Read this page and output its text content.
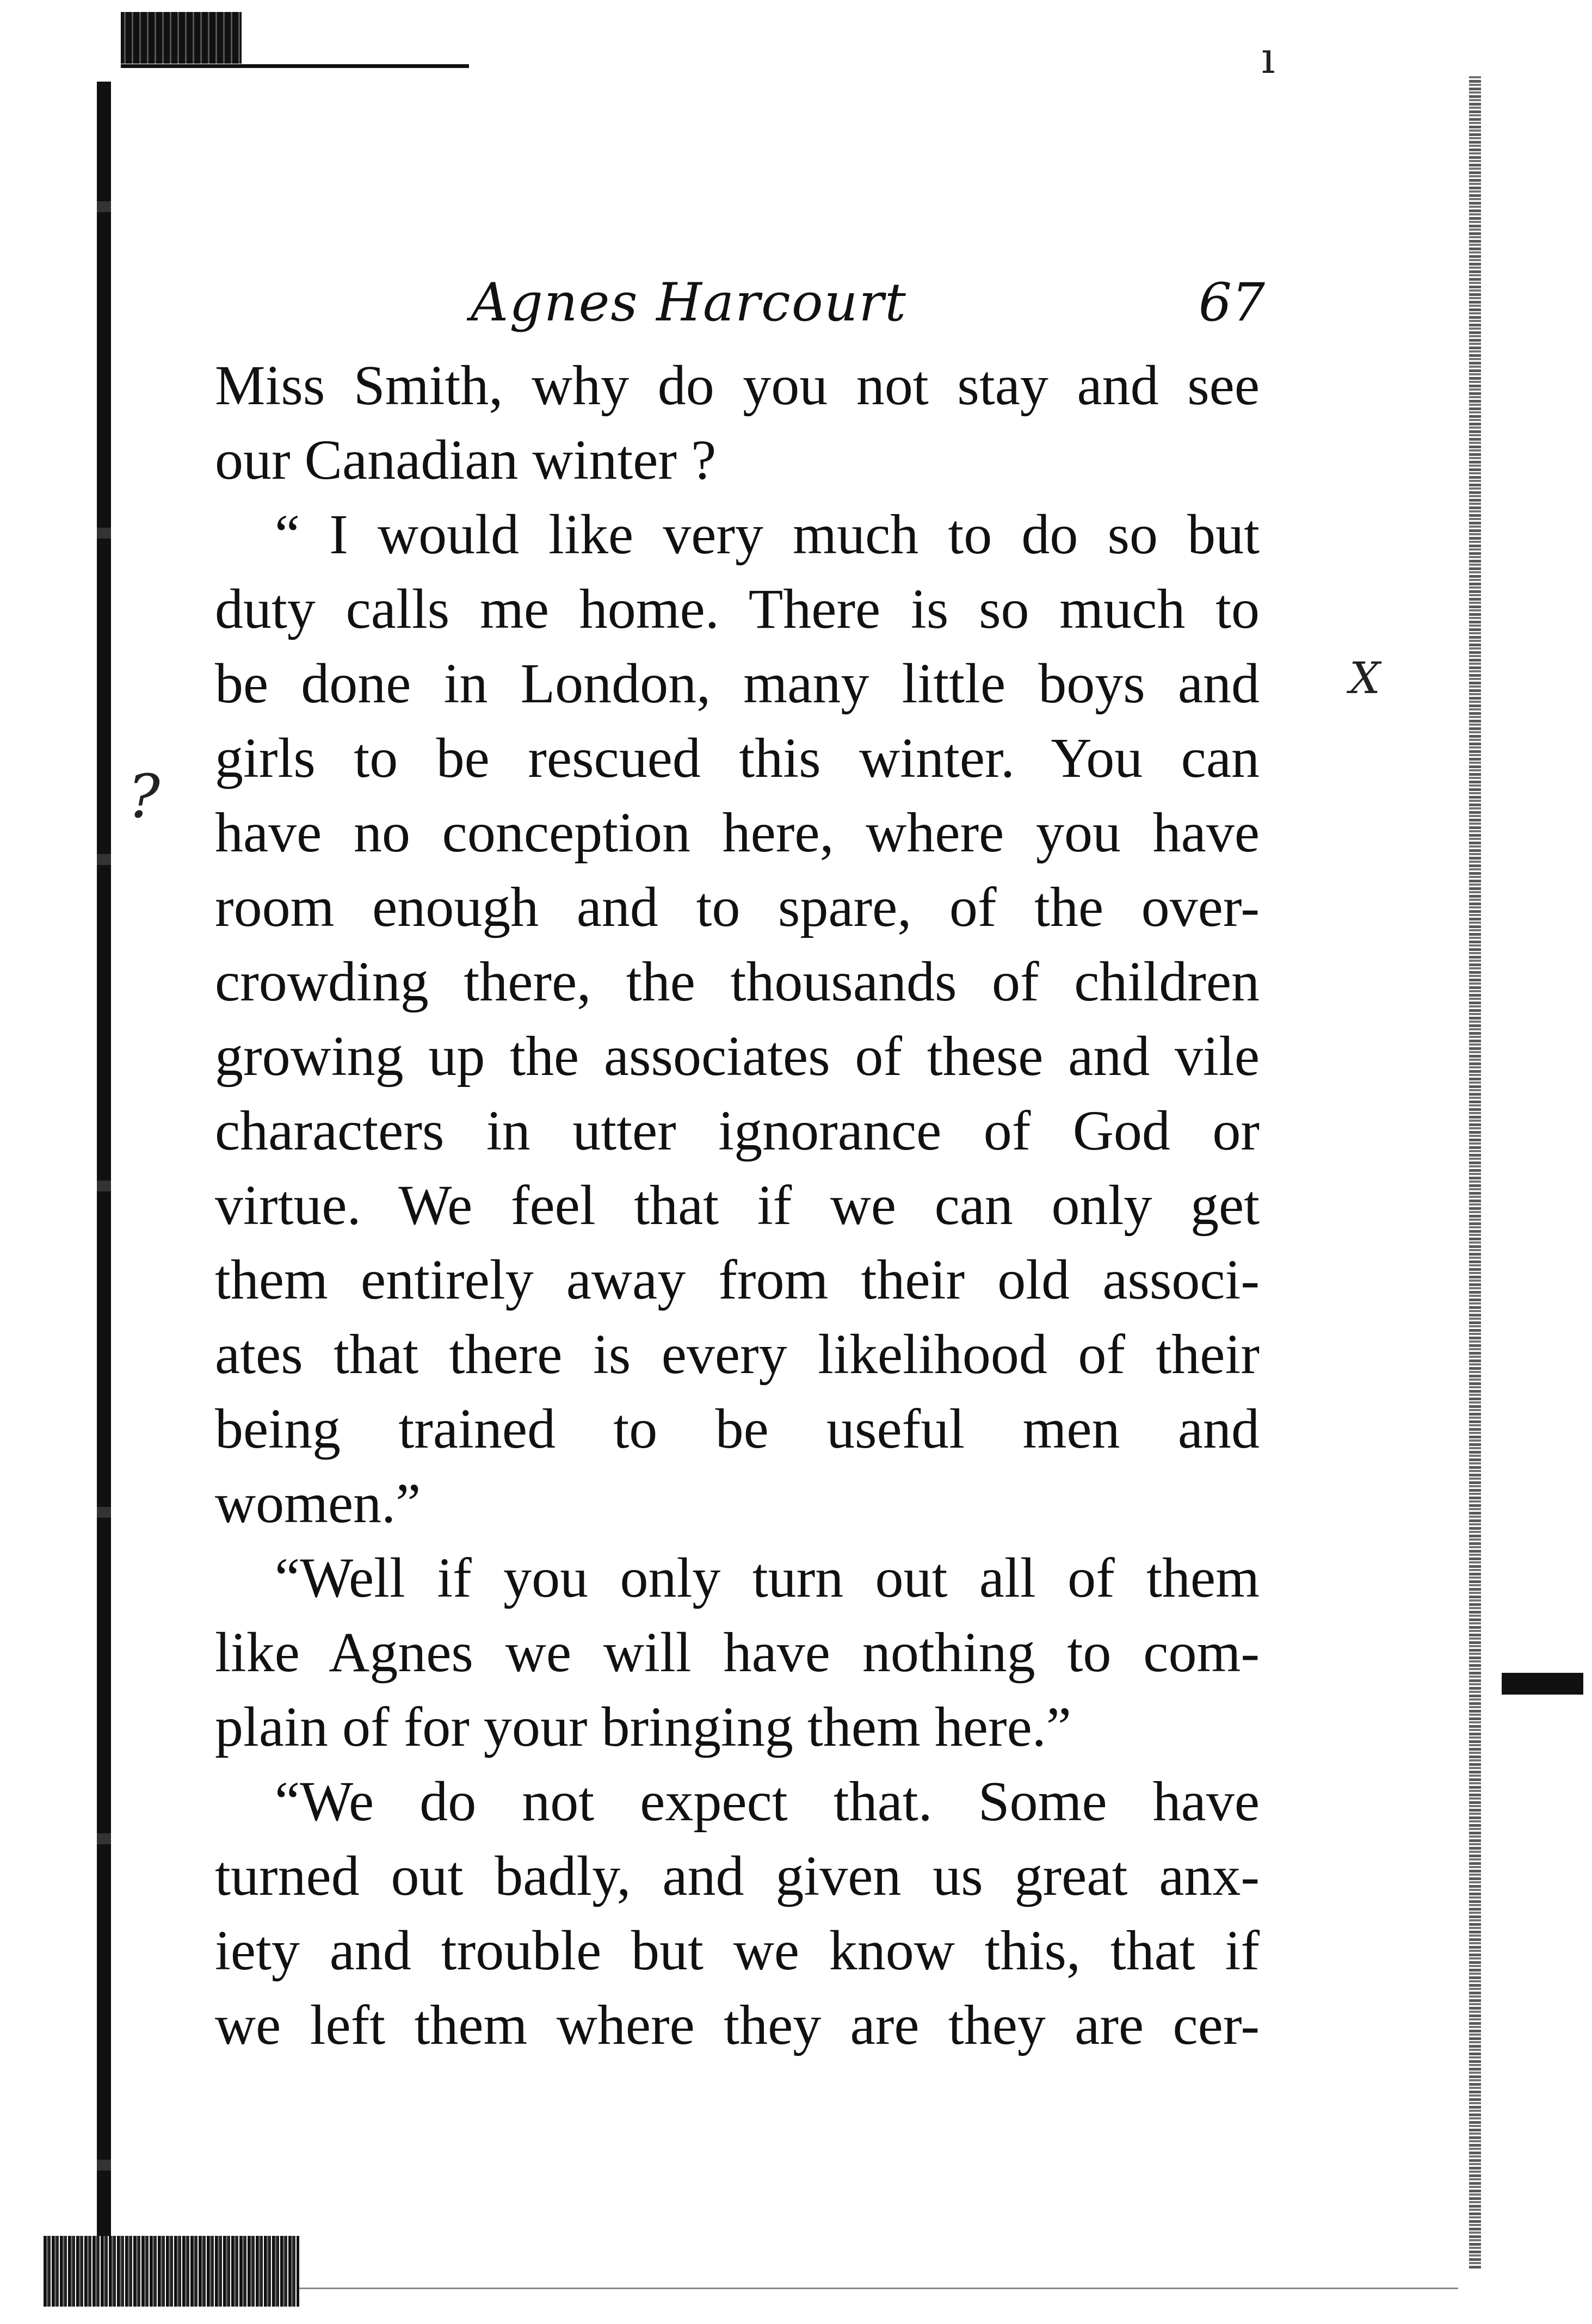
ı
?
X
Agnes Harcourt	67
Miss Smith, why do you not stay and see
our Canadian winter ?
“ I would like very much to do so but
duty calls me home. There is so much to
be done in London, many little boys and
girls to be rescued this winter. You can
have no conception here, where you have
room enough and to spare, of the over-
crowding there, the thousands of children
growing up the associates of these and vile
characters in utter ignorance of God or
virtue. We feel that if we can only get
them entirely away from their old associ-
ates that there is every likelihood of their
being trained to be useful men and
women.”
“Well if you only turn out all of them
like Agnes we will have nothing to com-
plain of for your bringing them here.”
“We do not expect that. Some have
turned out badly, and given us great anx-
iety and trouble but we know this, that if
we left them where they are they are cer-
